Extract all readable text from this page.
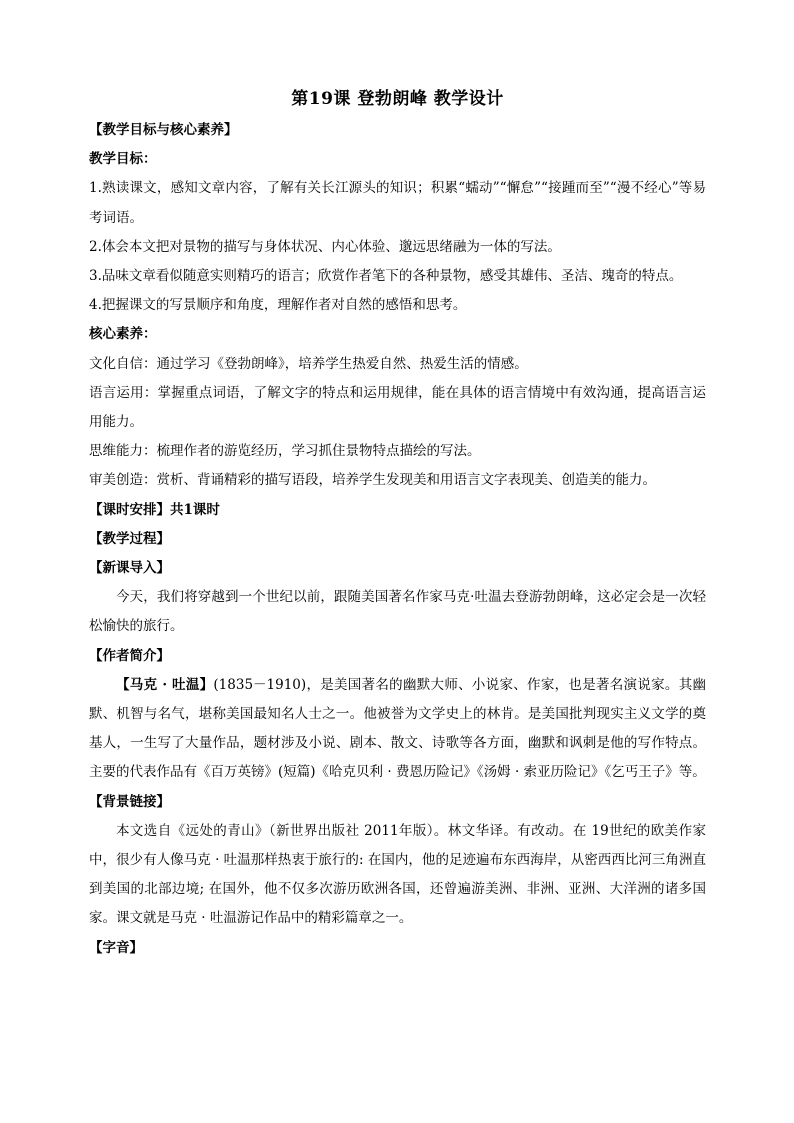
第19课 登勃朗峰 教学设计

【教学目标与核心素养】

教学目标：

1.熟读课文，感知文章内容，了解有关长江源头的知识；积累“蠕动”“懈怠”“接踵而至”“漫不经心”等易考词语。

2.体会本文把对景物的描写与身体状况、内心体验、邈远思绪融为一体的写法。

3.品味文章看似随意实则精巧的语言；欣赏作者笔下的各种景物，感受其雄伟、圣洁、瑰奇的特点。

4.把握课文的写景顺序和角度，理解作者对自然的感悟和思考。

核心素养：

文化自信：通过学习《登勃朗峰》，培养学生热爱自然、热爱生活的情感。

语言运用：掌握重点词语，了解文字的特点和运用规律，能在具体的语言情境中有效沟通，提高语言运用能力。

思维能力：梳理作者的游览经历，学习抓住景物特点描绘的写法。

审美创造：赏析、背诵精彩的描写语段，培养学生发现美和用语言文字表现美、创造美的能力。

【课时安排】共1课时

【教学过程】

【新课导入】

今天，我们将穿越到一个世纪以前，跟随美国著名作家马克·吐温去登游勃朗峰，这必定会是一次轻松愉快的旅行。

【作者简介】

【马克 · 吐温】(1835－1910)，是美国著名的幽默大师、小说家、作家，也是著名演说家。其幽默、机智与名气，堪称美国最知名人士之一。他被誉为文学史上的林肯。是美国批判现实主义文学的奠基人，一生写了大量作品，题材涉及小说、剧本、散文、诗歌等各方面，幽默和讽刺是他的写作特点。主要的代表作品有《百万英镑》(短篇)《哈克贝利 · 费恩历险记》《汤姆 · 索亚历险记》《乞丐王子》等。

【背景链接】

本文选自《远处的青山》（新世界出版社 2011年版）。林文华译。有改动。在 19世纪的欧美作家中，很少有人像马克 · 吐温那样热衷于旅行的: 在国内，他的足迹遍布东西海岸，从密西西比河三角洲直到美国的北部边境; 在国外，他不仅多次游历欧洲各国，还曾遍游美洲、非洲、亚洲、大洋洲的诸多国家。课文就是马克 · 吐温游记作品中的精彩篇章之一。

【字音】
